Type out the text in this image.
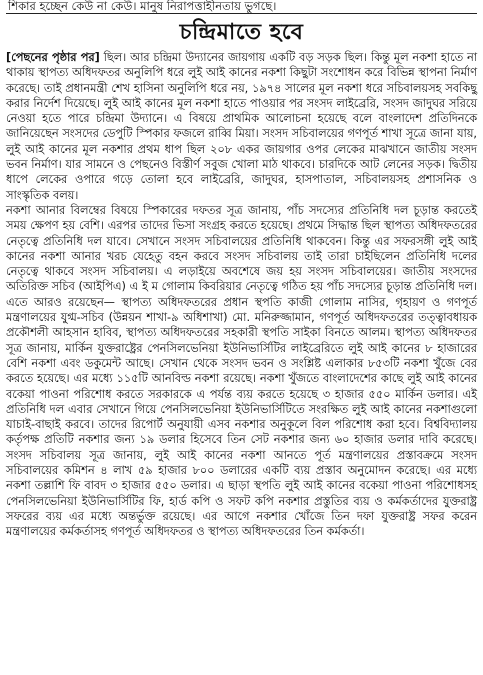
শিকার হচ্ছেন কেউ না কেউ। মানুষ নিরাপত্তাহীনতায় ভুগছে।
চন্দ্রিমাতে হবে

[পেছনের পৃষ্ঠার পর] ছিল। আর চন্দ্রিমা উদ্যানের জায়গায় একটি বড় সড়ক ছিল। কিন্তু মূল নকশা হাতে না থাকায় স্থাপত্য অধিদফতর অনুলিপি ধরে লুই আই কানের নকশা কিছুটা সংশোধন করে বিভিন্ন স্থাপনা নির্মাণ করেছে। তাই প্রধানমন্ত্রী শেখ হাসিনা অনুলিপি ধরে নয়, ১৯৭৪ সালের মূল নকশা ধরে সচিবালয়সহ সবকিছু করার নির্দেশ দিয়েছে। লুই আই কানের মূল নকশা হাতে পাওয়ার পর সংসদ লাইব্রেরি, সংসদ জাদুঘর সরিয়ে নেওয়া হতে পারে চন্দ্রিমা উদ্যানে। এ বিষয়ে প্রাথমিক আলোচনা হয়েছে বলে বাংলাদেশ প্রতিদিনকে জানিয়েছেন সংসদের ডেপুটি স্পিকার ফজলে রাব্বি মিয়া। সংসদ সচিবালয়ের গণপূর্ত শাখা সূত্রে জানা যায়, লুই আই কানের মূল নকশার প্রথম ধাপ ছিল ২০৮ একর জায়গার ওপর লেকের মাঝখানে জাতীয় সংসদ ভবন নির্মাণ। যার সামনে ও পেছনেও বিস্তীর্ণ সবুজ খোলা মাঠ থাকবে। চারদিকে আট লেনের সড়ক। দ্বিতীয় ধাপে লেকের ওপারে গড়ে তোলা হবে লাইব্রেরি, জাদুঘর, হাসপাতাল, সচিবালয়সহ প্রশাসনিক ও সাংস্কৃতিক বলয়।

নকশা আনার বিলম্বের বিষয়ে স্পিকারের দফতর সূত্র জানায়, পাঁচ সদস্যের প্রতিনিধি দল চূড়ান্ত করতেই সময় ক্ষেপণ হয় বেশি। এরপর তাদের ভিসা সংগ্রহ করতে হয়েছে। প্রথমে সিদ্ধান্ত ছিল স্থাপত্য অধিদফতরের নেতৃত্বে প্রতিনিধি দল যাবে। সেখানে সংসদ সচিবালয়ের প্রতিনিধি থাকবেন। কিন্তু এর সফরসঙ্গী লুই আই কানের নকশা আনার খরচ যেহেতু বহন করবে সংসদ সচিবালয় তাই তারা চাইছিলেন প্রতিনিধি দলের নেতৃত্বে থাকবে সংসদ সচিবালয়। এ লড়াইয়ে অবশেষে জয় হয় সংসদ সচিবালয়ের। জাতীয় সংসদের অতিরিক্ত সচিব (আইপিএ) এ ই ম গোলাম কিবরিয়ার নেতৃত্বে গঠিত হয় পাঁচ সদস্যের চূড়ান্ত প্রতিনিধি দল। এতে আরও রয়েছেন— স্থাপত্য অধিদফতরের প্রধান স্থপতি কাজী গোলাম নাসির, গৃহায়ণ ও গণপূর্ত মন্ত্রণালয়ের যুগ্ম-সচিব (উন্নয়ন শাখা-৯ অধিশাখা) মো. মনিরুজ্জামান, গণপূর্ত অধিদফতরের তত্ত্বাবধায়ক প্রকৌশলী আহসান হাবিব, স্থাপত্য অধিদফতরের সহকারী স্থপতি সাইকা বিনতে আলম। স্থাপত্য অধিদফতর সূত্র জানায়, মার্কিন যুক্তরাষ্ট্রের পেনসিলভেনিয়া ইউনিভার্সিটির লাইব্রেরিতে লুই আই কানের ৮ হাজারের বেশি নকশা এবং ডকুমেন্ট আছে। সেখান থেকে সংসদ ভবন ও সংশ্লিষ্ট এলাকার ৮৫৩টি নকশা খুঁজে বের করতে হয়েছে। এর মধ্যে ১১৫টি আনবিল্ড নকশা রয়েছে। নকশা খুঁজতে বাংলাদেশের কাছে লুই আই কানের বকেয়া পাওনা পরিশোধ করতে সরকারকে এ পর্যন্ত ব্যয় করতে হয়েছে ৩ হাজার ৫৫০ মার্কিন ডলার। এই প্রতিনিধি দল এবার সেখানে গিয়ে পেনসিলভেনিয়া ইউনিভার্সিটিতে সংরক্ষিত লুই আই কানের নকশাগুলো যাচাই-বাছাই করবে। তাদের রিপোর্ট অনুযায়ী এসব নকশার অনুকূলে বিল পরিশোধ করা হবে। বিশ্ববিদ্যালয় কর্তৃপক্ষ প্রতিটি নকশার জন্য ১৯ ডলার হিসেবে তিন সেট নকশার জন্য ৬০ হাজার ডলার দাবি করেছে। সংসদ সচিবালয় সূত্র জানায়, লুই আই কানের নকশা আনতে পূর্ত মন্ত্রণালয়ের প্রস্তাবক্রমে সংসদ সচিবালয়ের কমিশন ৪ লাখ ৫৯ হাজার ৮০০ ডলারের একটি ব্যয় প্রস্তাব অনুমোদন করেছে। এর মধ্যে নকশা তল্লাশি ফি বাবদ ৩ হাজার ৫৫০ ডলার। এ ছাড়া স্থপতি লুই আই কানের বকেয়া পাওনা পরিশোধসহ পেনসিলভেনিয়া ইউনিভার্সিটির ফি, হার্ড কপি ও সফট কপি নকশার প্রস্তুতির ব্যয় ও কর্মকর্তাদের যুক্তরাষ্ট্র সফরের ব্যয় এর মধ্যে অন্তর্ভুক্ত রয়েছে। এর আগে নকশার খোঁজে তিন দফা যুক্তরাষ্ট্র সফর করেন মন্ত্রণালয়ের কর্মকর্তাসহ গণপূর্ত অধিদফতর ও স্থাপত্য অধিদফতরের তিন কর্মকর্তা।
